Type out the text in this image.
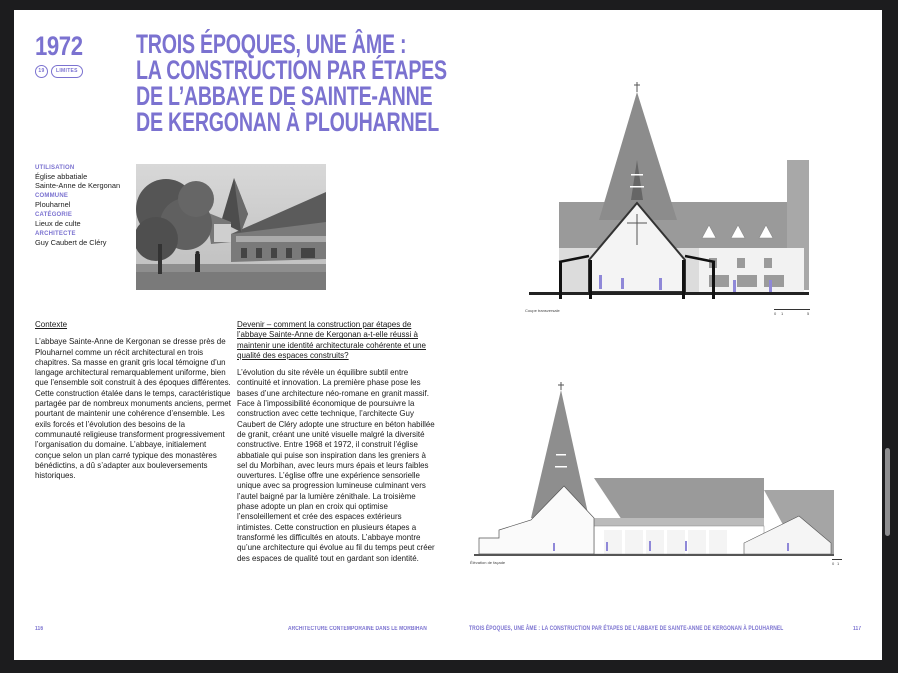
1972
19	LIMITES
TROIS ÉPOQUES, UNE ÂME :
LA CONSTRUCTION PAR ÉTAPES
DE L’ABBAYE DE SAINTE-ANNE
DE KERGONAN À PLOUHARNEL
UTILISATION
Église abbatiale
Sainte-Anne de Kergonan
COMMUNE
Plouharnel
CATÉGORIE
Lieux de culte
ARCHITECTE
Guy Caubert de Cléry
Contexte
L’abbaye Sainte-Anne de Kergonan se dresse près de Plouharnel comme un récit architectural en trois chapitres. Sa masse en granit gris local témoigne d’un langage architectural remarquablement uniforme, bien que l’ensemble soit construit à des époques différentes. Cette construction étalée dans le temps, caractéristique partagée par de nombreux monuments anciens, permet pourtant de maintenir une cohérence d’ensemble. Les exils forcés et l’évolution des besoins de la communauté religieuse transforment progressivement l’organisation du domaine. L’abbaye, initialement conçue selon un plan carré typique des monastères bénédictins, a dû s’adapter aux bouleversements historiques.
Devenir – comment la construction par étapes de l’abbaye Sainte-Anne de Kergonan a-t-elle réussi à maintenir une identité architecturale cohérente et une qualité des espaces construits?
L’évolution du site révèle un équilibre subtil entre continuité et innovation. La première phase pose les bases d’une architecture néo-romane en granit massif. Face à l’impossibilité économique de poursuivre la construction avec cette technique, l’architecte Guy Caubert de Cléry adopte une structure en béton habillée de granit, créant une unité visuelle malgré la diversité constructive. Entre 1968 et 1972, il construit l’église abbatiale qui puise son inspiration dans les greniers à sel du Morbihan, avec leurs murs épais et leurs faibles ouvertures. L’église offre une expérience sensorielle unique avec sa progression lumineuse culminant vers l’autel baigné par la lumière zénithale. La troisième phase adopte un plan en croix qui optimise l’ensoleillement et crée des espaces extérieurs intimistes. Cette construction en plusieurs étapes a transformé les difficultés en atouts. L’abbaye montre qu’une architecture qui évolue au fil du temps peut créer des espaces de qualité tout en gardant son identité.
116	ARCHITECTURE CONTEMPORAINE DANS LE MORBIHAN
Coupe transversale
0 1	5
Élévation de façade	0 1
TROIS ÉPOQUES, UNE ÂME : LA CONSTRUCTION PAR ÉTAPES DE L’ABBAYE DE SAINTE-ANNE DE KERGONAN À PLOUHARNEL	117
